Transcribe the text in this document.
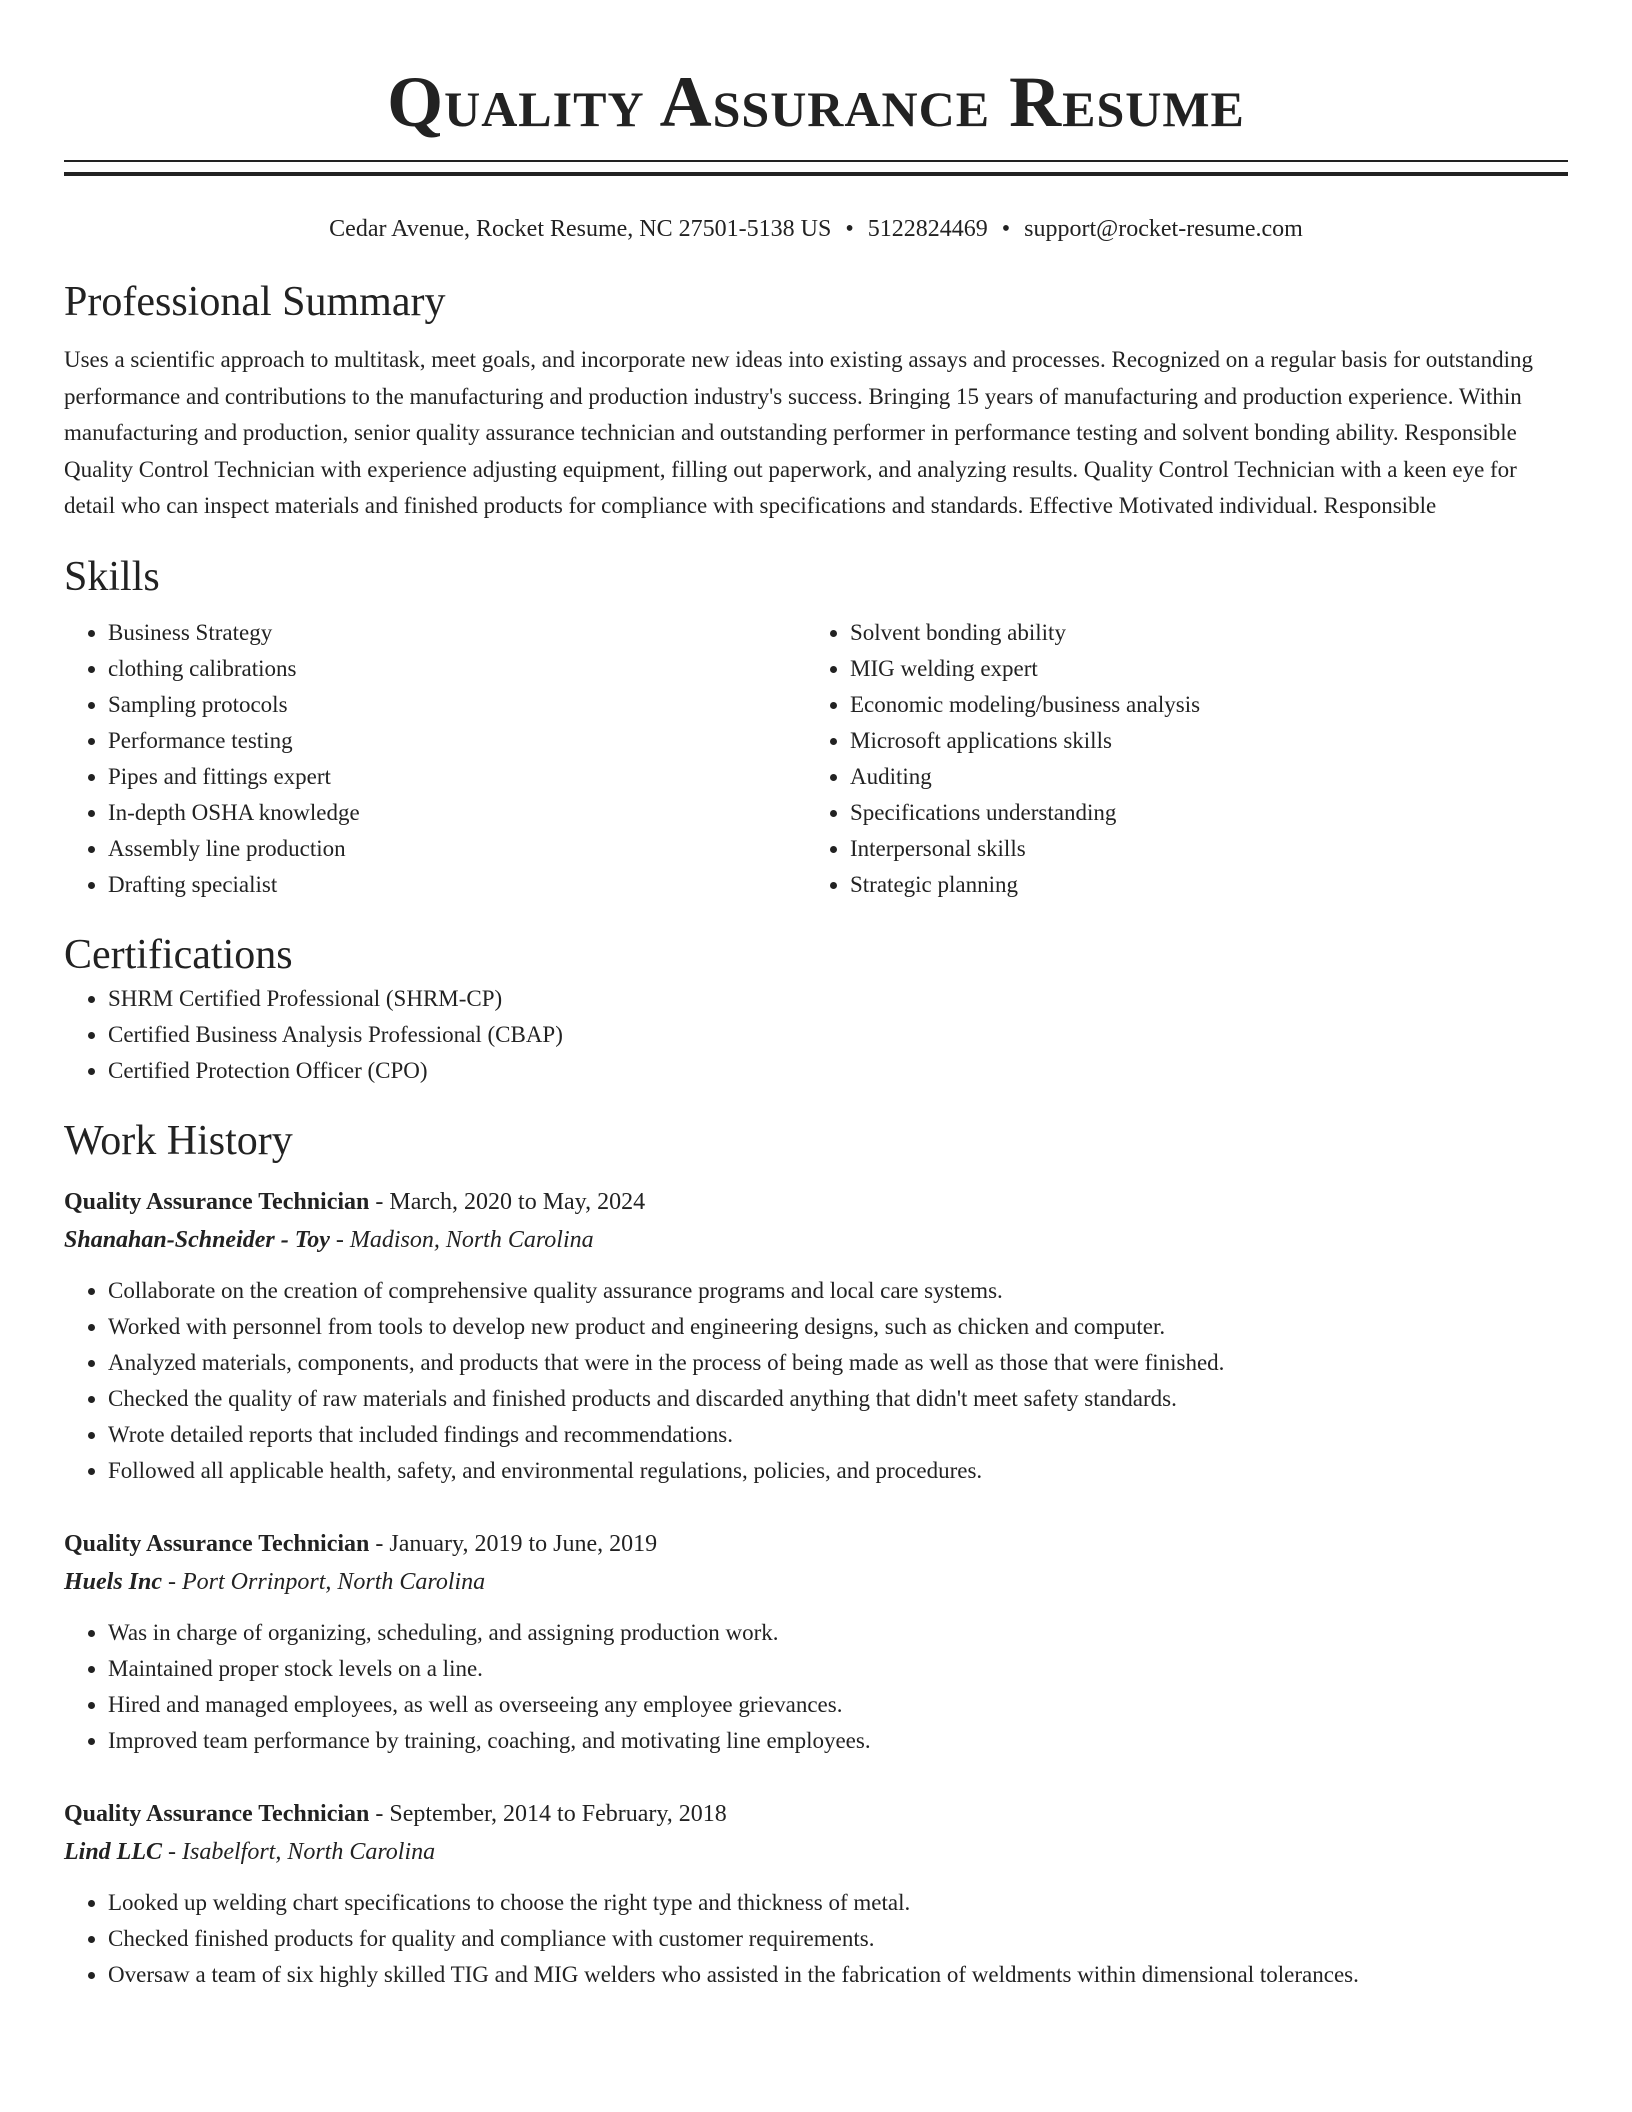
Quality Assurance Resume
Cedar Avenue, Rocket Resume, NC 27501-5138 US • 5122824469 • support@rocket-resume.com
Professional Summary

Uses a scientific approach to multitask, meet goals, and incorporate new ideas into existing assays and processes. Recognized on a regular basis for outstanding performance and contributions to the manufacturing and production industry's success. Bringing 15 years of manufacturing and production experience. Within manufacturing and production, senior quality assurance technician and outstanding performer in performance testing and solvent bonding ability. Responsible Quality Control Technician with experience adjusting equipment, filling out paperwork, and analyzing results. Quality Control Technician with a keen eye for detail who can inspect materials and finished products for compliance with specifications and standards. Effective Motivated individual. Responsible

Skills
• Business Strategy
• clothing calibrations
• Sampling protocols
• Performance testing
• Pipes and fittings expert
• In-depth OSHA knowledge
• Assembly line production
• Drafting specialist
• Solvent bonding ability
• MIG welding expert
• Economic modeling/business analysis
• Microsoft applications skills
• Auditing
• Specifications understanding
• Interpersonal skills
• Strategic planning
Certifications
• SHRM Certified Professional (SHRM-CP)
• Certified Business Analysis Professional (CBAP)
• Certified Protection Officer (CPO)
Work History
Quality Assurance Technician - March, 2020 to May, 2024
Shanahan-Schneider - Toy - Madison, North Carolina
• Collaborate on the creation of comprehensive quality assurance programs and local care systems.
• Worked with personnel from tools to develop new product and engineering designs, such as chicken and computer.
• Analyzed materials, components, and products that were in the process of being made as well as those that were finished.
• Checked the quality of raw materials and finished products and discarded anything that didn't meet safety standards.
• Wrote detailed reports that included findings and recommendations.
• Followed all applicable health, safety, and environmental regulations, policies, and procedures.
Quality Assurance Technician - January, 2019 to June, 2019
Huels Inc - Port Orrinport, North Carolina
• Was in charge of organizing, scheduling, and assigning production work.
• Maintained proper stock levels on a line.
• Hired and managed employees, as well as overseeing any employee grievances.
• Improved team performance by training, coaching, and motivating line employees.
Quality Assurance Technician - September, 2014 to February, 2018
Lind LLC - Isabelfort, North Carolina
• Looked up welding chart specifications to choose the right type and thickness of metal.
• Checked finished products for quality and compliance with customer requirements.
• Oversaw a team of six highly skilled TIG and MIG welders who assisted in the fabrication of weldments within dimensional tolerances.
